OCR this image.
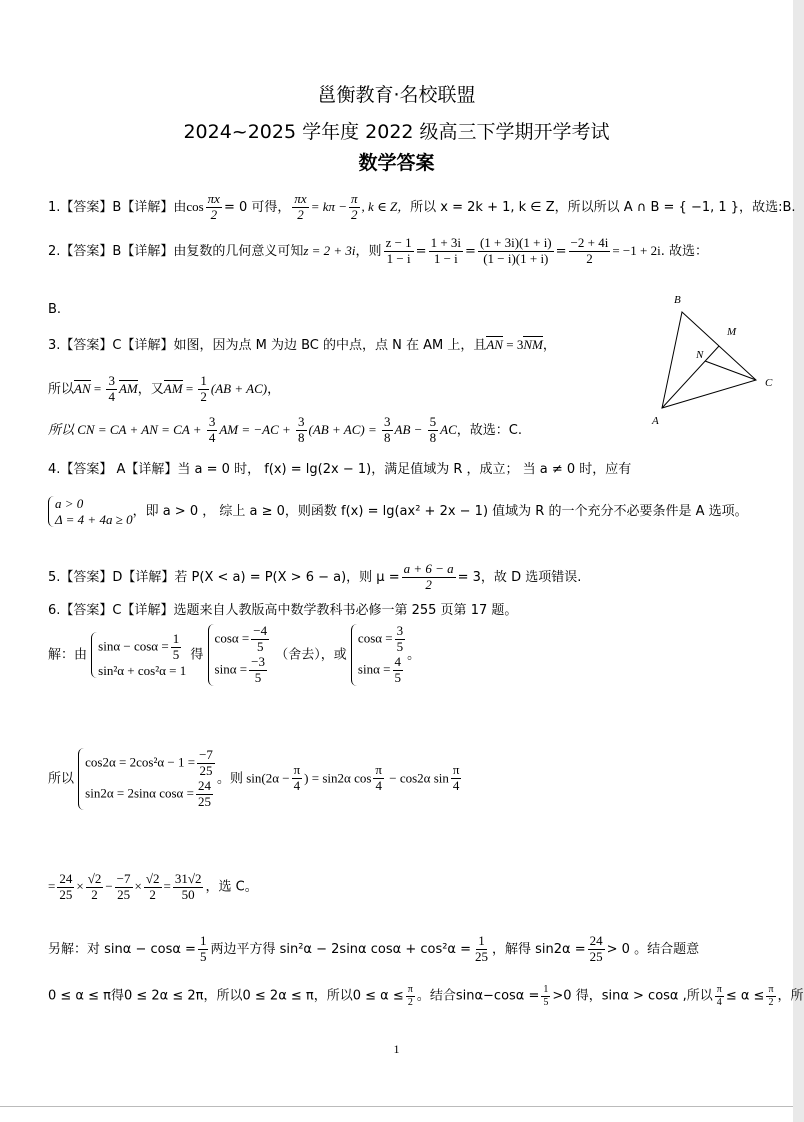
邕衡教育·名校联盟
2024~2025 学年度 2022 级高三下学期开学考试
数学答案
1.【答案】B【详解】由$\cos \frac{\pi x}{2} = 0$ 可得， $\frac{\pi x}{2} = k\pi - \frac{\pi}{2}$ , k ∈ Z，所以 x = 2k + 1, k ∈ Z，所以所以 A ∩ B = { −1, 1 }，故选:B.
2.【答案】B【详解】由复数的几何意义可知z = 2 + 3i，则 $\frac{z - 1}{1 - i} = \frac{1 + 3i}{1 - i} = \frac{(1 + 3i)(1 + i)}{(1 - i)(1 + i)} = \frac{-2 + 4i}{2} = -1 + 2i$. 故选：
B.
B
M
N
C
A
3.【答案】C【详解】如图，因为点 M 为边 BC 的中点，点 N 在 AM 上，且AN = 3NM，
所以AN = $\frac{3}{4}$ AM，又AM = $\frac{1}{2} (AB + AC)$，
所以 CN = CA + AN = CA + $\frac{3}{4}$ AM = $-AC + \frac{3}{8} (AB + AC) = \frac{3}{8}$ AB − $\frac{5}{8}$ AC，故选：C.
4.【答案】 A【详解】当 a = 0 时， f(x) = lg(2x − 1)，满足值域为 R ，成立； 当 a ≠ 0 时，应有
a > 0
Δ = 4 + 4a ≥ 0 ，即 a > 0 ， 综上 a ≥ 0，则函数 f(x) = lg(ax² + 2x − 1) 值域为 R 的一个充分不必要条件是 A 选项。
5.【答案】D【详解】若 P(X < a) = P(X > 6 − a)，则 $\mu = \frac{a + 6 - a}{2} = 3$，故 D 选项错误.
6.【答案】C【详解】选题来自人教版高中数学教科书必修一第 255 页第 17 题。
解：由
$\sin\alpha - \cos\alpha = \frac{1}{5}$
sin²α + cos²α = 1
得
$\cos\alpha = \frac{-4}{5}$
$\sin\alpha = \frac{-3}{5}$ （舍去），或
$\cos\alpha = \frac{3}{5}$
$\sin\alpha = \frac{4}{5}$ 。
所以
$\cos 2\alpha = 2\cos^2\alpha - 1 = \frac{-7}{25}$
sin2α = 2sinα $\cos\alpha = \frac{24}{25}$
。则 $\sin(2\alpha - \frac{\pi}{4}$ ) = sin2α $\cos \frac{\pi}{4} - \cos 2\alpha$ $\sin \frac{\pi}{4}$
= $\frac{24}{25} \times \frac{√2}{2} - \frac{-7}{25} \times \frac{√2}{2} = \frac{31√2}{50}$ ，选 C。
另解：对 $\sin\alpha - \cos\alpha = \frac{1}{5}$ 两边平方得 sin²α − 2sinα $\cos\alpha + \cos^2\alpha = \frac{1}{25}$ ，解得 $\sin 2\alpha = \frac{24}{25} > 0$ 。结合题意
0 ≤ α ≤ π得0 ≤ 2α ≤ 2π，所以0 ≤ 2α ≤ π，所以$0 \le \alpha \le \frac{\pi}{2}$ 。结合$\sin\alpha-\cos\alpha = \frac{1}{5} >0$ 得，sinα > cosα ,所以 $\frac{\pi}{4} \le \alpha \le \frac{\pi}{2}$ ，所
1
